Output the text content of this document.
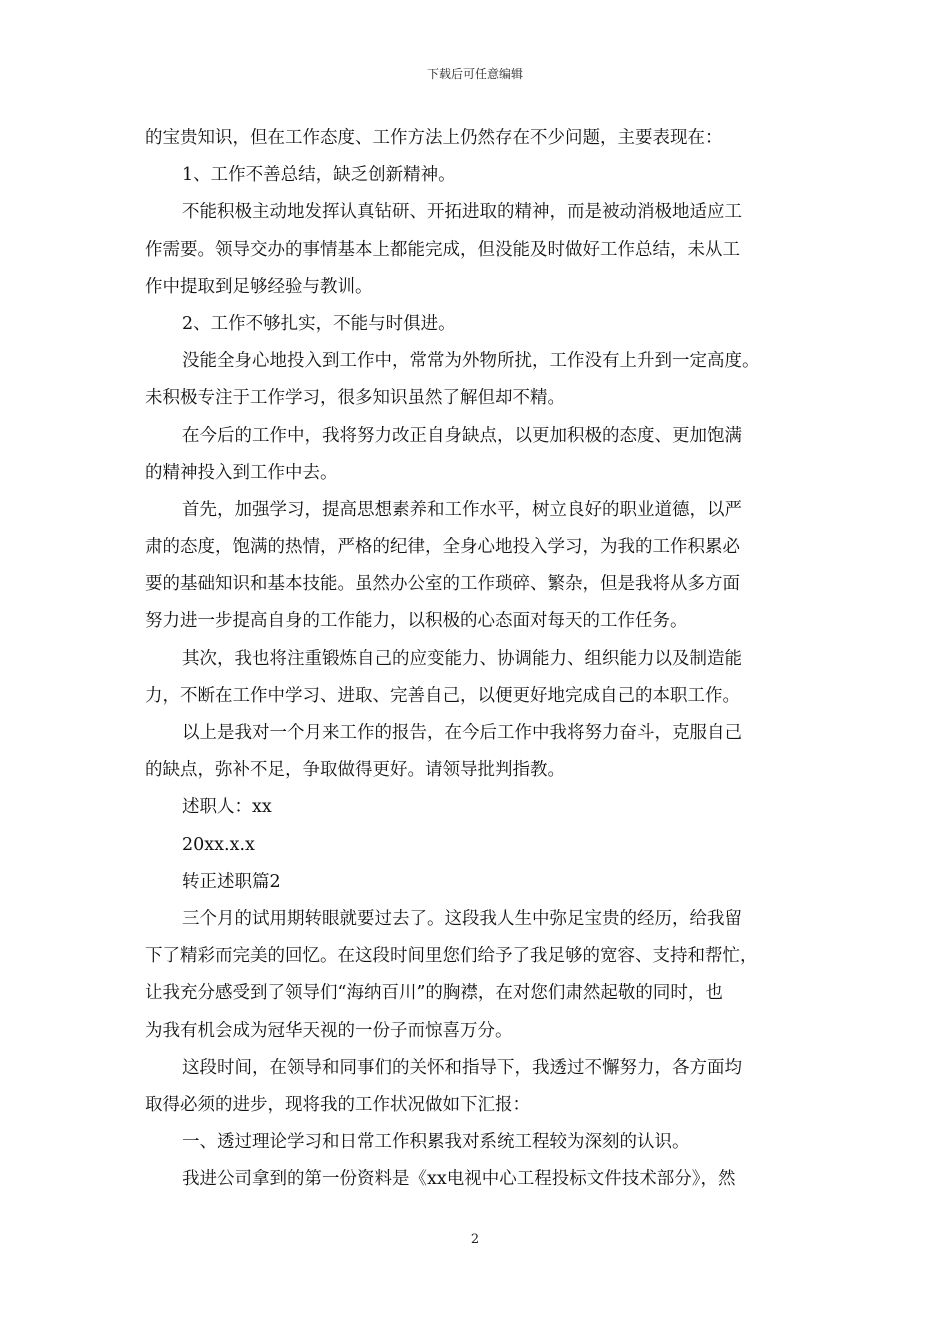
下载后可任意编辑
的宝贵知识，但在工作态度、工作方法上仍然存在不少问题，主要表现在：
1、工作不善总结，缺乏创新精神。
不能积极主动地发挥认真钻研、开拓进取的精神，而是被动消极地适应工
作需要。领导交办的事情基本上都能完成，但没能及时做好工作总结，未从工
作中提取到足够经验与教训。
2、工作不够扎实，不能与时俱进。
没能全身心地投入到工作中，常常为外物所扰，工作没有上升到一定高度。
未积极专注于工作学习，很多知识虽然了解但却不精。
在今后的工作中，我将努力改正自身缺点，以更加积极的态度、更加饱满
的精神投入到工作中去。
首先，加强学习，提高思想素养和工作水平，树立良好的职业道德，以严
肃的态度，饱满的热情，严格的纪律，全身心地投入学习，为我的工作积累必
要的基础知识和基本技能。虽然办公室的工作琐碎、繁杂，但是我将从多方面
努力进一步提高自身的工作能力，以积极的心态面对每天的工作任务。
其次，我也将注重锻炼自己的应变能力、协调能力、组织能力以及制造能
力，不断在工作中学习、进取、完善自己，以便更好地完成自己的本职工作。
以上是我对一个月来工作的报告，在今后工作中我将努力奋斗，克服自己
的缺点，弥补不足，争取做得更好。请领导批判指教。
述职人：xx
20xx.x.x
转正述职篇2
三个月的试用期转眼就要过去了。这段我人生中弥足宝贵的经历，给我留
下了精彩而完美的回忆。在这段时间里您们给予了我足够的宽容、支持和帮忙，
让我充分感受到了领导们“海纳百川”的胸襟，在对您们肃然起敬的同时，也
为我有机会成为冠华天视的一份子而惊喜万分。
这段时间，在领导和同事们的关怀和指导下，我透过不懈努力，各方面均
取得必须的进步，现将我的工作状况做如下汇报：
一、透过理论学习和日常工作积累我对系统工程较为深刻的认识。
我进公司拿到的第一份资料是《xx电视中心工程投标文件技术部分》，然
2
